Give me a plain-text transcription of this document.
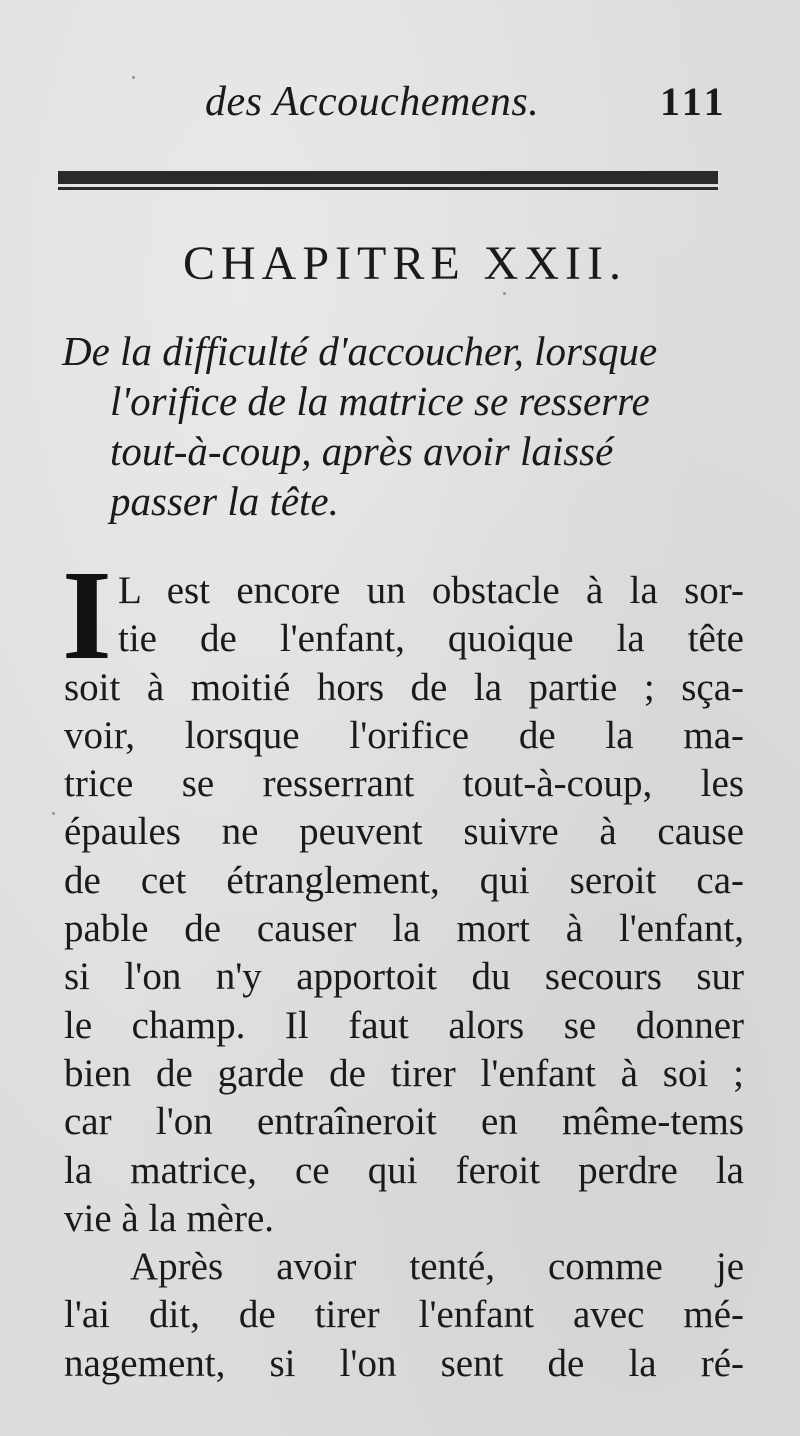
des Accouchemens.	111
CHAPITRE XXII.
De la difficulté d'accoucher, lorsque
l'orifice de la matrice se resserre
tout-à-coup, après avoir laissé
passer la tête.
I L est encore un obstacle à la sor-
tie de l'enfant, quoique la tête
soit à moitié hors de la partie ; sça-
voir, lorsque l'orifice de la ma-
trice se resserrant tout-à-coup, les
épaules ne peuvent suivre à cause
de cet étranglement, qui seroit ca-
pable de causer la mort à l'enfant,
si l'on n'y apportoit du secours sur
le champ. Il faut alors se donner
bien de garde de tirer l'enfant à soi ;
car l'on entraîneroit en même-tems
la matrice, ce qui feroit perdre la
vie à la mère.
Après avoir tenté, comme je
l'ai dit, de tirer l'enfant avec mé-
nagement, si l'on sent de la ré-
